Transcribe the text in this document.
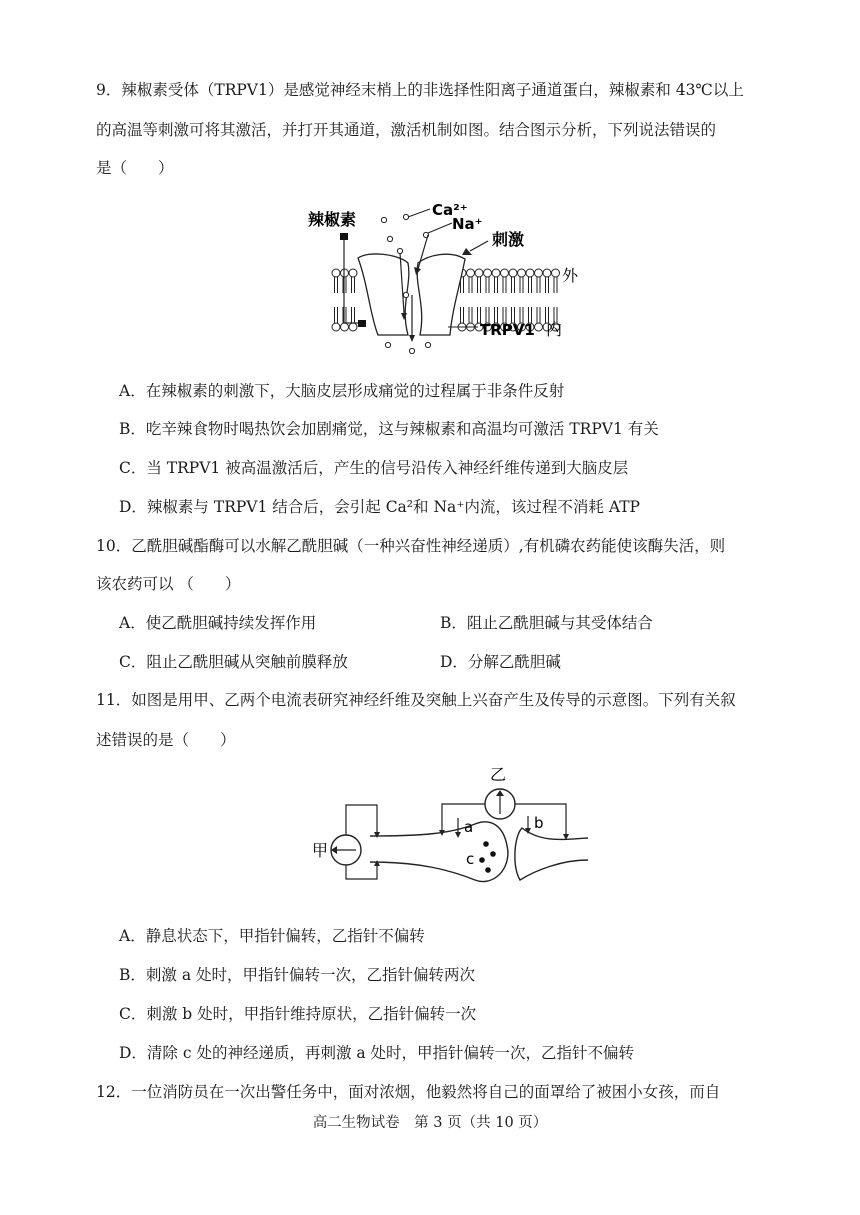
9．辣椒素受体（TRPV1）是感觉神经末梢上的非选择性阳离子通道蛋白，辣椒素和 43℃以上
的高温等刺激可将其激活，并打开其通道，激活机制如图。结合图示分析，下列说法错误的
是（　　）
辣椒素	Ca²⁺
Na⁺
刺激
外
TRPV1 内
A．在辣椒素的刺激下，大脑皮层形成痛觉的过程属于非条件反射
B．吃辛辣食物时喝热饮会加剧痛觉，这与辣椒素和高温均可激活 TRPV1 有关
C．当 TRPV1 被高温激活后，产生的信号沿传入神经纤维传递到大脑皮层
D．辣椒素与 TRPV1 结合后，会引起 Ca²和 Na⁺内流，该过程不消耗 ATP
10．乙酰胆碱酯酶可以水解乙酰胆碱（一种兴奋性神经递质）,有机磷农药能使该酶失活，则
该农药可以 （　　）
A．使乙酰胆碱持续发挥作用	B．阻止乙酰胆碱与其受体结合
C．阻止乙酰胆碱从突触前膜释放	D．分解乙酰胆碱
11．如图是用甲、乙两个电流表研究神经纤维及突触上兴奋产生及传导的示意图。下列有关叙
述错误的是（　　）
甲
乙
a	b
c
A．静息状态下，甲指针偏转，乙指针不偏转
B．刺激 a 处时，甲指针偏转一次，乙指针偏转两次
C．刺激 b 处时，甲指针维持原状，乙指针偏转一次
D．清除 c 处的神经递质，再刺激 a 处时，甲指针偏转一次，乙指针不偏转
12．一位消防员在一次出警任务中，面对浓烟，他毅然将自己的面罩给了被困小女孩，而自
高二生物试卷　第 3 页（共 10 页）
